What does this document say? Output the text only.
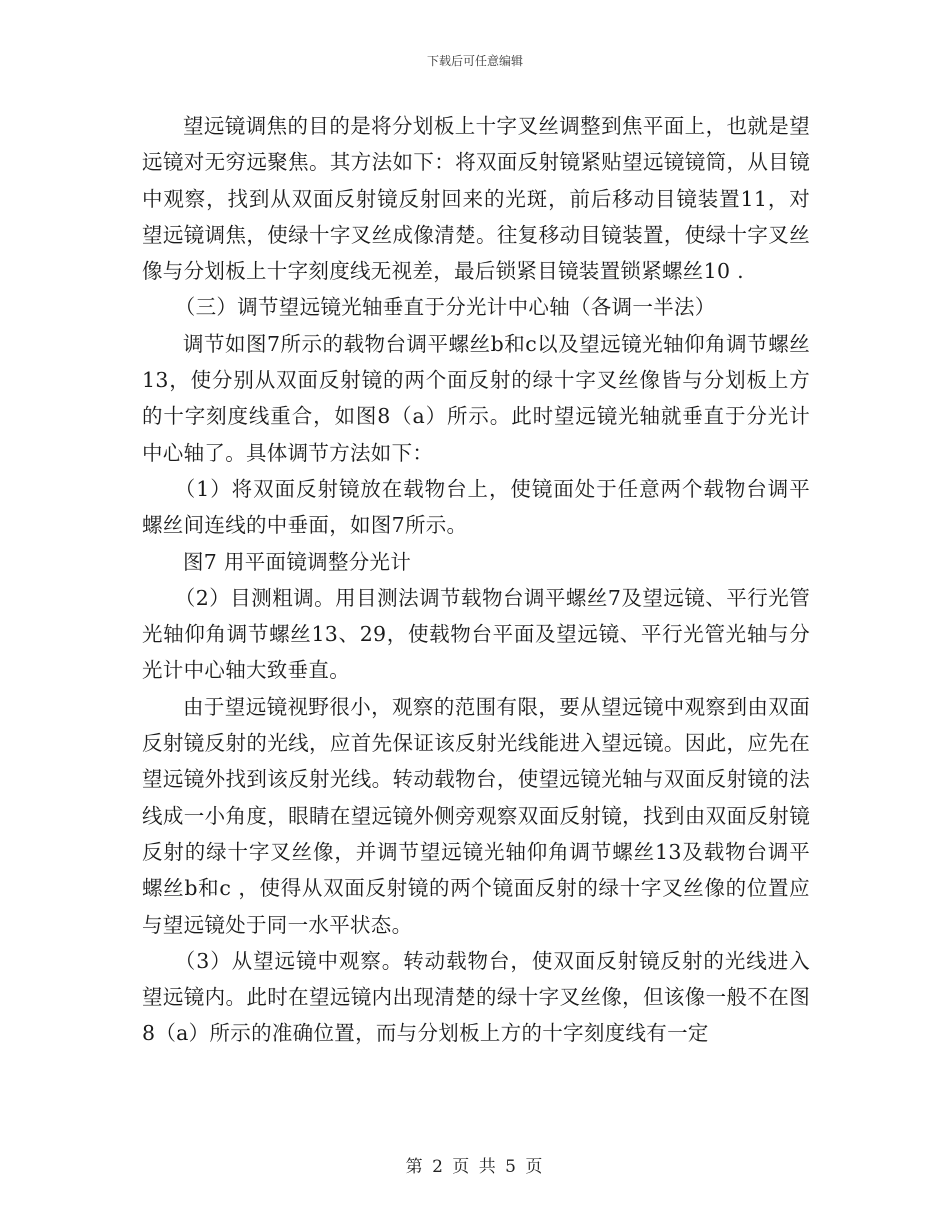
下载后可任意编辑

望远镜调焦的目的是将分划板上十字叉丝调整到焦平面上，也就是望远镜对无穷远聚焦。其方法如下：将双面反射镜紧贴望远镜镜筒，从目镜中观察，找到从双面反射镜反射回来的光斑，前后移动目镜装置11，对望远镜调焦，使绿十字叉丝成像清楚。往复移动目镜装置，使绿十字叉丝像与分划板上十字刻度线无视差，最后锁紧目镜装置锁紧螺丝10 .

（三）调节望远镜光轴垂直于分光计中心轴（各调一半法）

调节如图7所示的载物台调平螺丝b和c以及望远镜光轴仰角调节螺丝13，使分别从双面反射镜的两个面反射的绿十字叉丝像皆与分划板上方的十字刻度线重合，如图8（a）所示。此时望远镜光轴就垂直于分光计中心轴了。具体调节方法如下：

（1）将双面反射镜放在载物台上，使镜面处于任意两个载物台调平螺丝间连线的中垂面，如图7所示。

图7 用平面镜调整分光计

（2）目测粗调。用目测法调节载物台调平螺丝7及望远镜、平行光管光轴仰角调节螺丝13、29，使载物台平面及望远镜、平行光管光轴与分光计中心轴大致垂直。

由于望远镜视野很小，观察的范围有限，要从望远镜中观察到由双面反射镜反射的光线，应首先保证该反射光线能进入望远镜。因此，应先在望远镜外找到该反射光线。转动载物台，使望远镜光轴与双面反射镜的法线成一小角度，眼睛在望远镜外侧旁观察双面反射镜，找到由双面反射镜反射的绿十字叉丝像，并调节望远镜光轴仰角调节螺丝13及载物台调平螺丝b和c ，使得从双面反射镜的两个镜面反射的绿十字叉丝像的位置应与望远镜处于同一水平状态。

（3）从望远镜中观察。转动载物台，使双面反射镜反射的光线进入望远镜内。此时在望远镜内出现清楚的绿十字叉丝像，但该像一般不在图8（a）所示的准确位置，而与分划板上方的十字刻度线有一定

第 2 页 共 5 页
